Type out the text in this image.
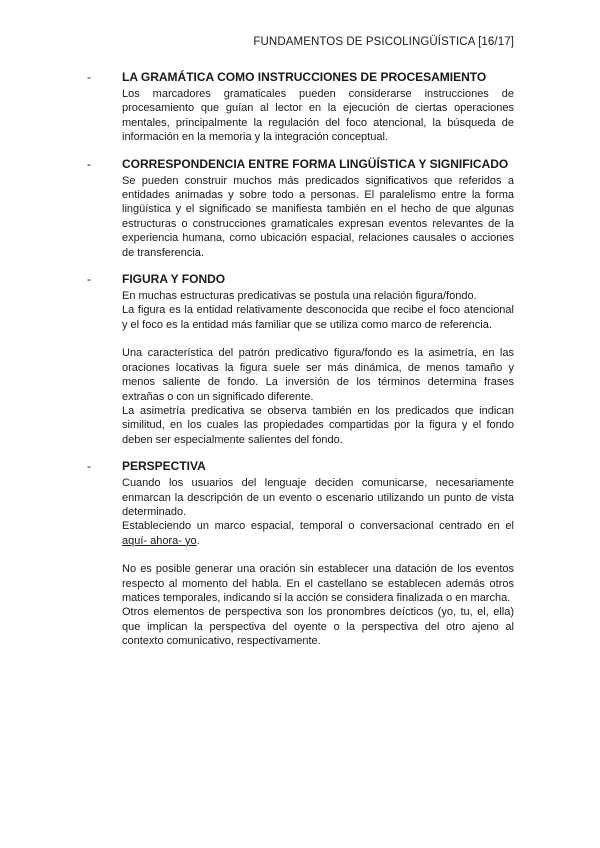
FUNDAMENTOS DE PSICOLINGÜÍSTICA [16/17]
-	LA GRAMÁTICA COMO INSTRUCCIONES DE PROCESAMIENTO
Los marcadores gramaticales pueden considerarse instrucciones de procesamiento que guían al lector en la ejecución de ciertas operaciones mentales, principalmente la regulación del foco atencional, la búsqueda de información en la memoria y la integración conceptual.
-	CORRESPONDENCIA ENTRE FORMA LINGÜÍSTICA Y SIGNIFICADO
Se pueden construir muchos más predicados significativos que referidos a entidades animadas y sobre todo a personas. El paralelismo entre la forma lingüística y el significado se manifiesta también en el hecho de que algunas estructuras o construcciones gramaticales expresan eventos relevantes de la experiencia humana, como ubicación espacial, relaciones causales o acciones de transferencia.
-	FIGURA Y FONDO
En muchas estructuras predicativas se postula una relación figura/fondo.
La figura es la entidad relativamente desconocida que recibe el foco atencional y el foco es la entidad más familiar que se utiliza como marco de referencia.
Una característica del patrón predicativo figura/fondo es la asimetría, en las oraciones locativas la figura suele ser más dinámica, de menos tamaño y menos saliente de fondo. La inversión de los términos determina frases extrañas o con un significado diferente.
La asimetría predicativa se observa también en los predicados que indican similitud, en los cuales las propiedades compartidas por la figura y el fondo deben ser especialmente salientes del fondo.
-	PERSPECTIVA
Cuando los usuarios del lenguaje deciden comunicarse, necesariamente enmarcan la descripción de un evento o escenario utilizando un punto de vista determinado.
Estableciendo un marco espacial, temporal o conversacional centrado en el aquí- ahora- yo.
No es posible generar una oración sin establecer una datación de los eventos respecto al momento del habla. En el castellano se establecen además otros matices temporales, indicando si la acción se considera finalizada o en marcha.
Otros elementos de perspectiva son los pronombres deícticos (yo, tu, el, ella) que implican la perspectiva del oyente o la perspectiva del otro ajeno al contexto comunicativo, respectivamente.
